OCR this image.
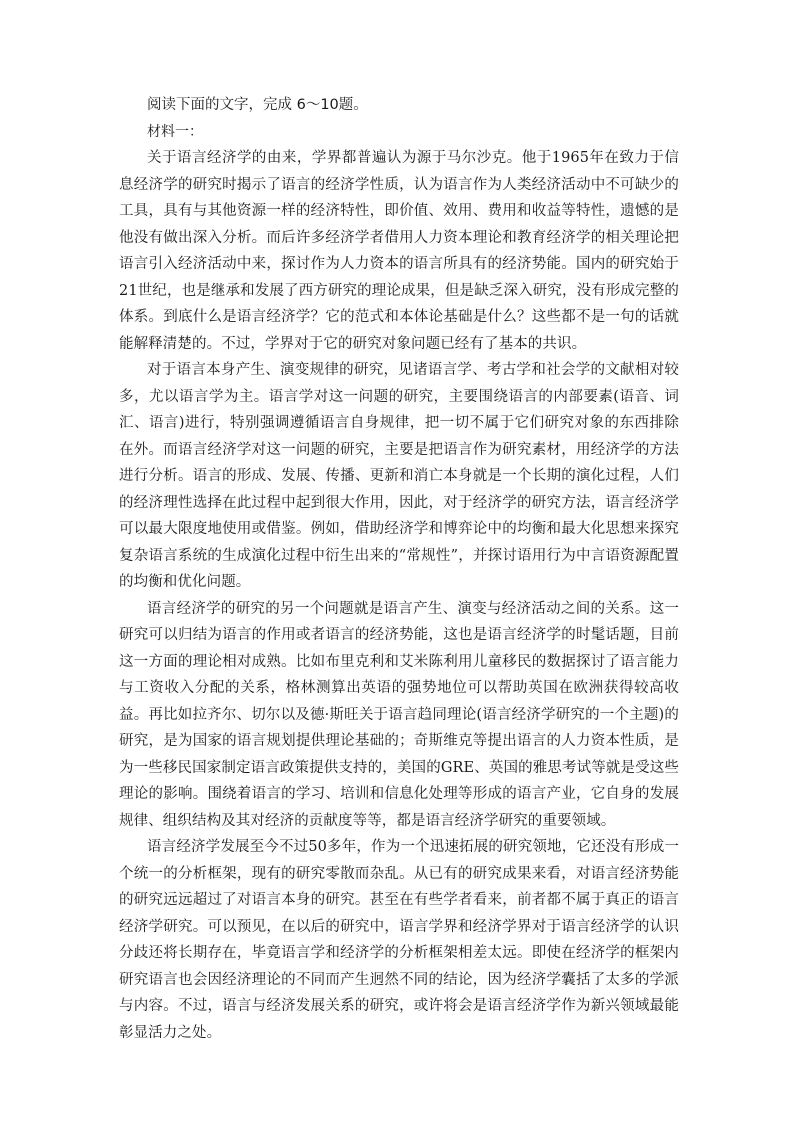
阅读下面的文字，完成 6～10题。

材料一：

关于语言经济学的由来，学界都普遍认为源于马尔沙克。他于1965年在致力于信息经济学的研究时揭示了语言的经济学性质，认为语言作为人类经济活动中不可缺少的工具，具有与其他资源一样的经济特性，即价值、效用、费用和收益等特性，遗憾的是他没有做出深入分析。而后许多经济学者借用人力资本理论和教育经济学的相关理论把语言引入经济活动中来，探讨作为人力资本的语言所具有的经济势能。国内的研究始于21世纪，也是继承和发展了西方研究的理论成果，但是缺乏深入研究，没有形成完整的体系。到底什么是语言经济学？它的范式和本体论基础是什么？这些都不是一句的话就能解释清楚的。不过，学界对于它的研究对象问题已经有了基本的共识。

对于语言本身产生、演变规律的研究，见诸语言学、考古学和社会学的文献相对较多，尤以语言学为主。语言学对这一问题的研究，主要围绕语言的内部要素(语音、词汇、语言)进行，特别强调遵循语言自身规律，把一切不属于它们研究对象的东西排除在外。而语言经济学对这一问题的研究，主要是把语言作为研究素材，用经济学的方法进行分析。语言的形成、发展、传播、更新和消亡本身就是一个长期的演化过程，人们的经济理性选择在此过程中起到很大作用，因此，对于经济学的研究方法，语言经济学可以最大限度地使用或借鉴。例如，借助经济学和博弈论中的均衡和最大化思想来探究复杂语言系统的生成演化过程中衍生出来的“常规性”，并探讨语用行为中言语资源配置的均衡和优化问题。

语言经济学的研究的另一个问题就是语言产生、演变与经济活动之间的关系。这一研究可以归结为语言的作用或者语言的经济势能，这也是语言经济学的时髦话题，目前这一方面的理论相对成熟。比如布里克利和艾米陈利用儿童移民的数据探讨了语言能力与工资收入分配的关系，格林测算出英语的强势地位可以帮助英国在欧洲获得较高收益。再比如拉齐尔、切尔以及德·斯旺关于语言趋同理论(语言经济学研究的一个主题)的研究，是为国家的语言规划提供理论基础的；奇斯维克等提出语言的人力资本性质，是为一些移民国家制定语言政策提供支持的，美国的GRE、英国的雅思考试等就是受这些理论的影响。围绕着语言的学习、培训和信息化处理等形成的语言产业，它自身的发展规律、组织结构及其对经济的贡献度等等，都是语言经济学研究的重要领域。

语言经济学发展至今不过50多年，作为一个迅速拓展的研究领地，它还没有形成一个统一的分析框架，现有的研究零散而杂乱。从已有的研究成果来看，对语言经济势能的研究远远超过了对语言本身的研究。甚至在有些学者看来，前者都不属于真正的语言经济学研究。可以预见，在以后的研究中，语言学界和经济学界对于语言经济学的认识分歧还将长期存在，毕竟语言学和经济学的分析框架相差太远。即使在经济学的框架内研究语言也会因经济理论的不同而产生迥然不同的结论，因为经济学囊括了太多的学派与内容。不过，语言与经济发展关系的研究，或许将会是语言经济学作为新兴领域最能彰显活力之处。
